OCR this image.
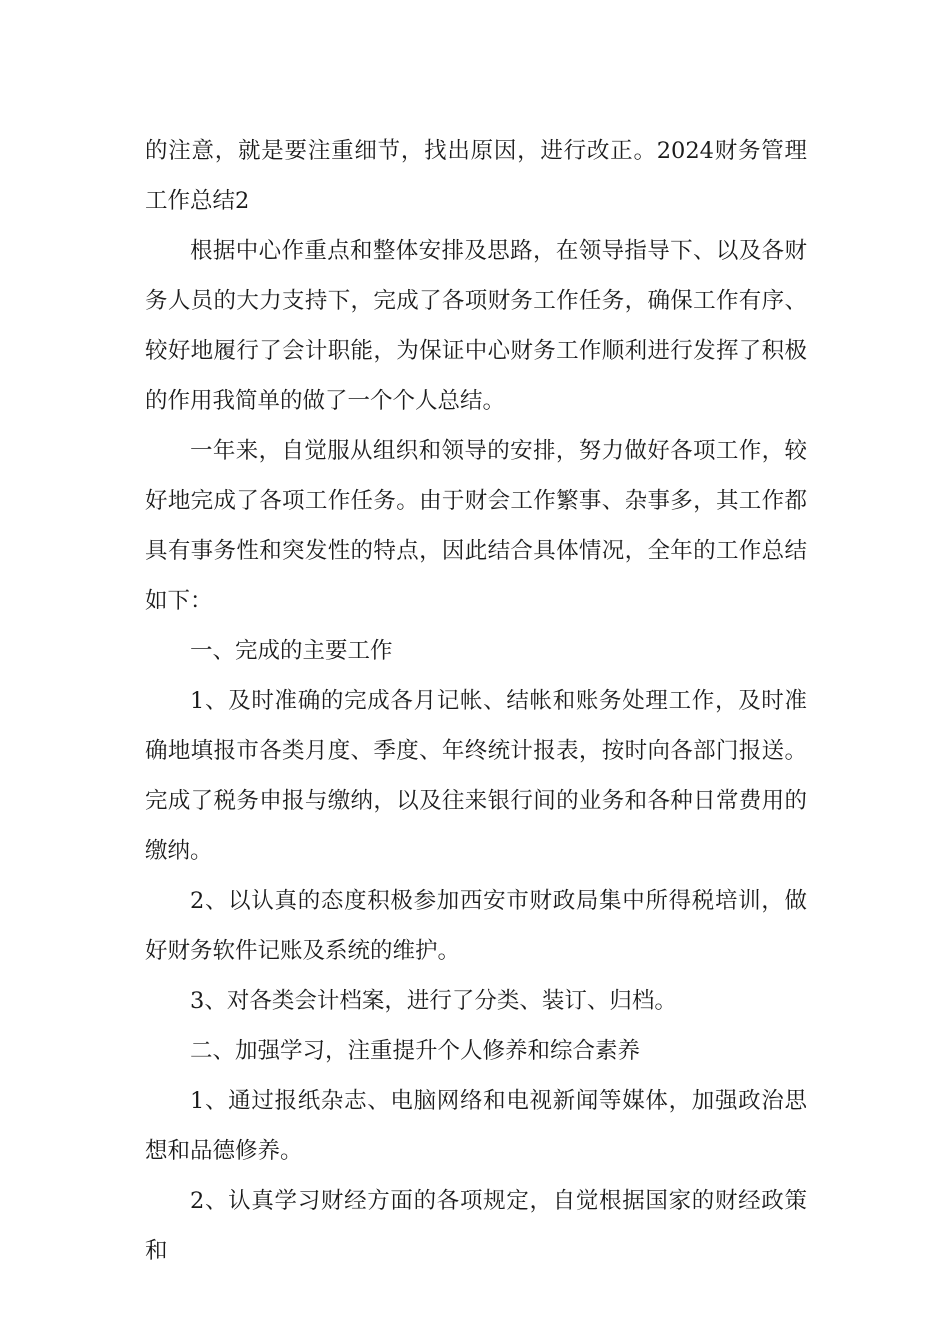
的注意，就是要注重细节，找出原因，进行改正。2024财务管理工作总结2

根据中心作重点和整体安排及思路，在领导指导下、以及各财务人员的大力支持下，完成了各项财务工作任务，确保工作有序、较好地履行了会计职能，为保证中心财务工作顺利进行发挥了积极的作用我简单的做了一个个人总结。

一年来，自觉服从组织和领导的安排，努力做好各项工作，较好地完成了各项工作任务。由于财会工作繁事、杂事多，其工作都具有事务性和突发性的特点，因此结合具体情况，全年的工作总结如下：

一、完成的主要工作

1、及时准确的完成各月记帐、结帐和账务处理工作，及时准确地填报市各类月度、季度、年终统计报表，按时向各部门报送。完成了税务申报与缴纳，以及往来银行间的业务和各种日常费用的缴纳。

2、以认真的态度积极参加西安市财政局集中所得税培训，做好财务软件记账及系统的维护。

3、对各类会计档案，进行了分类、装订、归档。

二、加强学习，注重提升个人修养和综合素养

1、通过报纸杂志、电脑网络和电视新闻等媒体，加强政治思想和品德修养。

2、认真学习财经方面的各项规定，自觉根据国家的财经政策和
